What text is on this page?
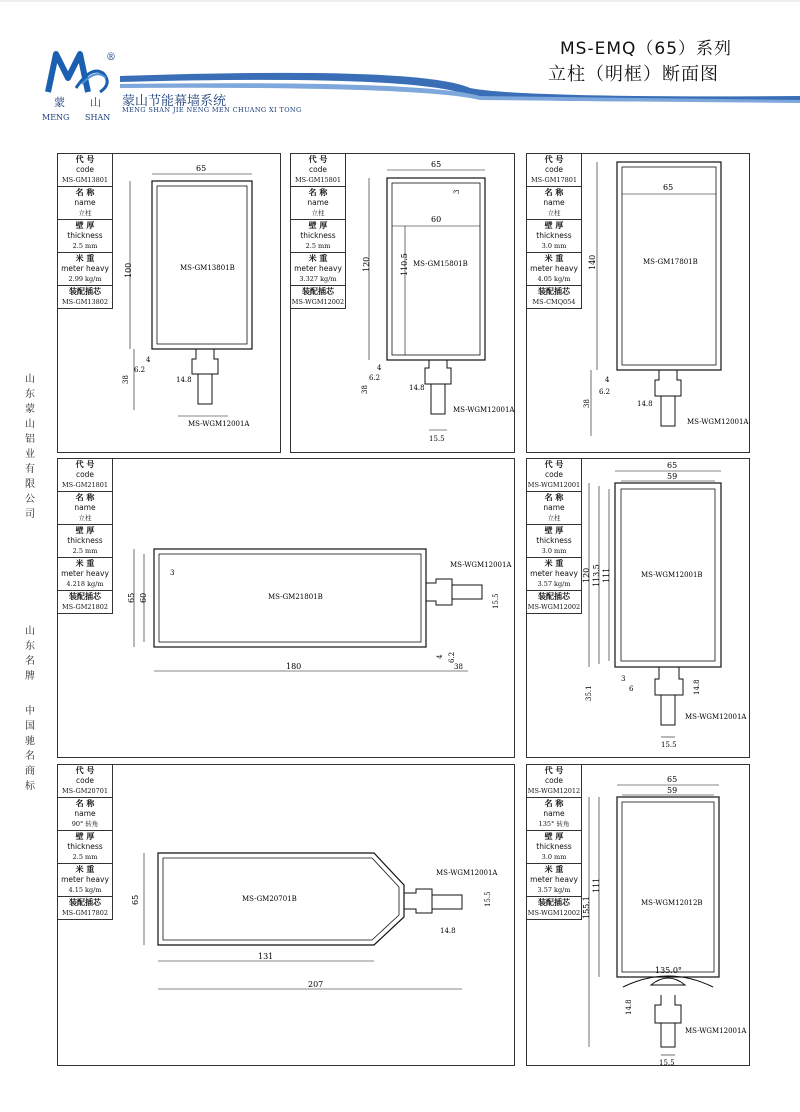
®
蒙 山
MENG SHAN
蒙山节能幕墙系统
MENG SHAN JIE NENG MEN CHUANG XI TONG
MS-EMQ（65）系列
立柱（明框）断面图
山东蒙山铝业有限公司
山东名牌
中国驰名商标
代 号
code
MS-GM13801
名 称
name
立柱
壁 厚
thickness
2.5 mm
米 重
meter heavy
2.99 kg/m
装配插芯
MS-GM13802
65
100
4
6.2
14.8
38
MS-GM13801B
MS-WGM12001A
代 号
code
MS-GM15801
名 称
name
立柱
壁 厚
thickness
2.5 mm
米 重
meter heavy
3.327 kg/m
装配插芯
MS-WGM12002
65
3
60
120	110.5
4
6.2
14.8
38
15.5
MS-GM15801B
MS-WGM12001A
代 号
code
MS-GM17801
名 称
name
立柱
壁 厚
thickness
3.0 mm
米 重
meter heavy
4.05 kg/m
装配插芯
MS-CMQ054
65
140
4
6.2
14.8
38
MS-GM17801B
MS-WGM12001A
代 号
code
MS-GM21801
名 称
name
立柱
壁 厚
thickness
2.5 mm
米 重
meter heavy
4.218 kg/m
装配插芯
MS-GM21802
3
65 60
180
4 6.2
38
15.5
MS-GM21801B
MS-WGM12001A
代 号
code
MS-WGM12001
名 称
name
立柱
壁 厚
thickness
3.0 mm
米 重
meter heavy
3.57 kg/m
装配插芯
MS-WGM12002
65
59
120 113.5 111
3
6
35.1	14.8
15.5
MS-WGM12001B
MS-WGM12001A
代 号
code
MS-GM20701
名 称
name
90° 转角
壁 厚
thickness
2.5 mm
米 重
meter heavy
4.15 kg/m
装配插芯
MS-GM17802
65
131
207
14.8
15.5
MS-GM20701B
MS-WGM12001A
代 号
code
MS-WGM12012
名 称
name
135° 转角
壁 厚
thickness
3.0 mm
米 重
meter heavy
3.57 kg/m
装配插芯
MS-WGM12002
65
59
111
155.1
135.0°
14.8
15.5
MS-WGM12012B
MS-WGM12001A
